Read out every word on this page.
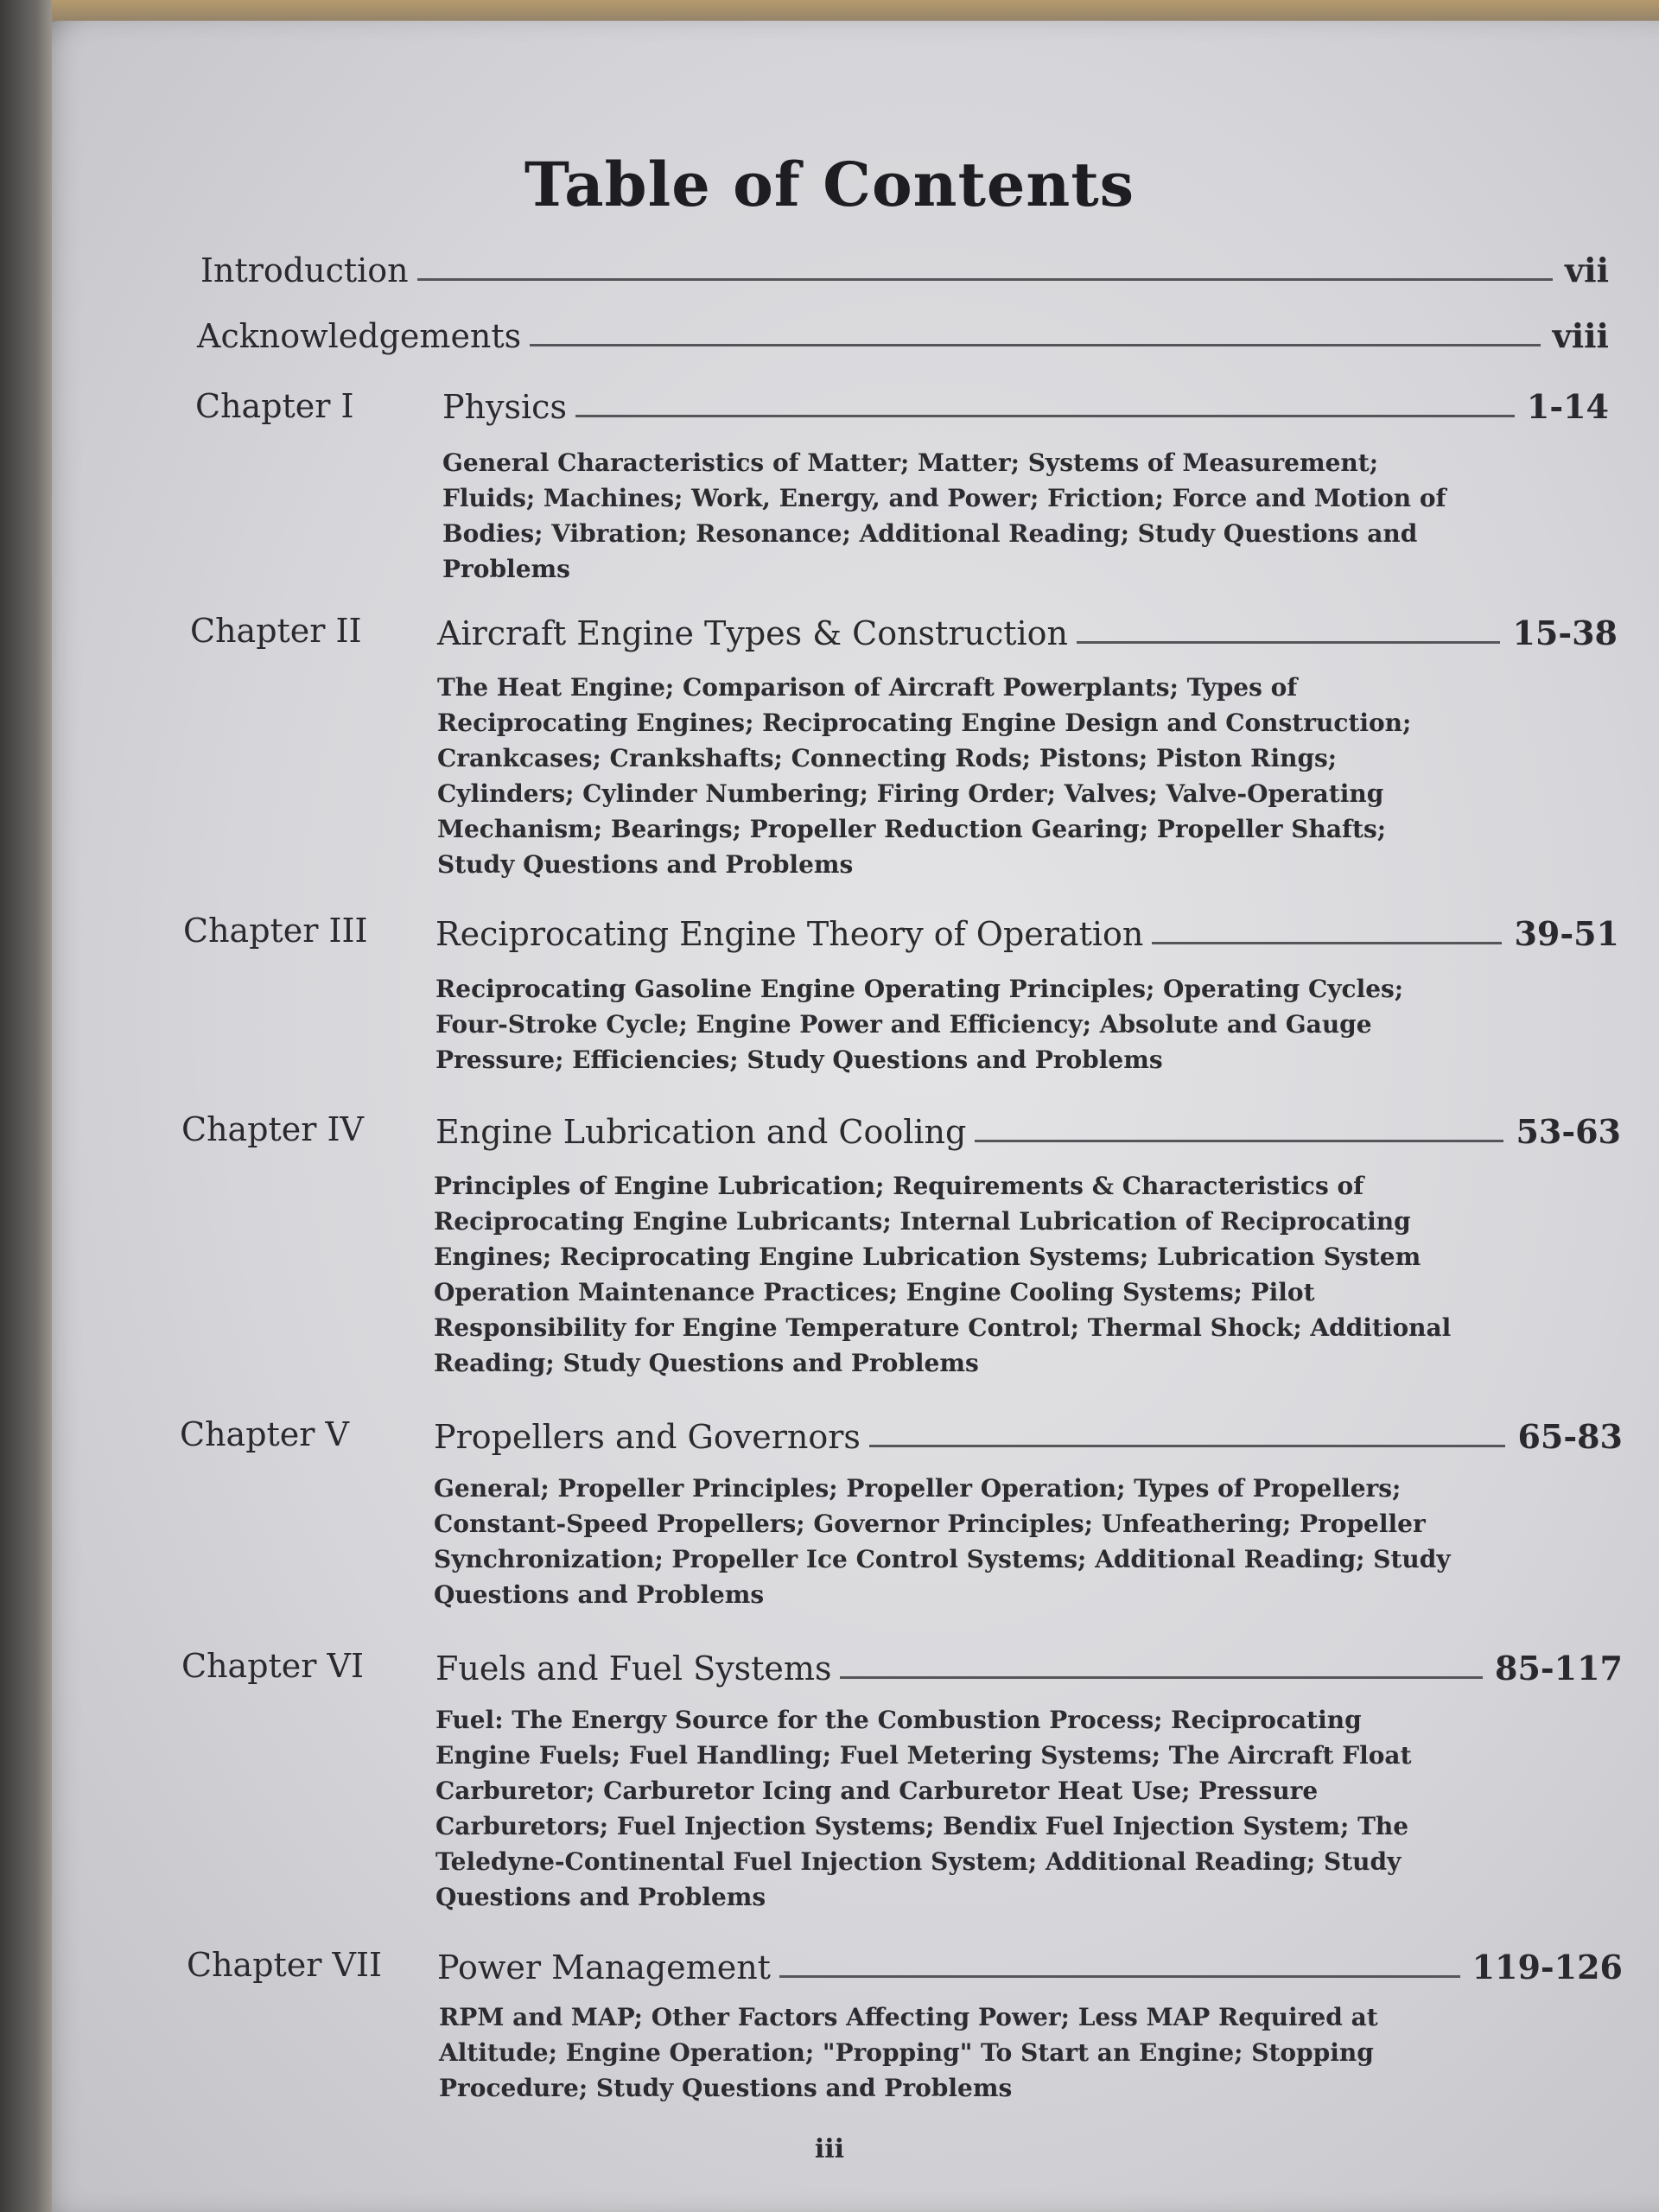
Table of Contents
Introduction	vii
Acknowledgements	viii
Chapter I	Physics	1-14
General Characteristics of Matter; Matter; Systems of Measurement; Fluids; Machines; Work, Energy, and Power; Friction; Force and Motion of Bodies; Vibration; Resonance; Additional Reading; Study Questions and Problems
Chapter II Aircraft Engine Types & Construction	15-38
The Heat Engine; Comparison of Aircraft Powerplants; Types of Reciprocating Engines; Reciprocating Engine Design and Construction; Crankcases; Crankshafts; Connecting Rods; Pistons; Piston Rings; Cylinders; Cylinder Numbering; Firing Order; Valves; Valve-Operating Mechanism; Bearings; Propeller Reduction Gearing; Propeller Shafts; Study Questions and Problems
Chapter III Reciprocating Engine Theory of Operation	39-51
Reciprocating Gasoline Engine Operating Principles; Operating Cycles; Four-Stroke Cycle; Engine Power and Efficiency; Absolute and Gauge Pressure; Efficiencies; Study Questions and Problems
Chapter IV Engine Lubrication and Cooling	53-63
Principles of Engine Lubrication; Requirements & Characteristics of Reciprocating Engine Lubricants; Internal Lubrication of Reciprocating Engines; Reciprocating Engine Lubrication Systems; Lubrication System Operation Maintenance Practices; Engine Cooling Systems; Pilot Responsibility for Engine Temperature Control; Thermal Shock; Additional Reading; Study Questions and Problems
Chapter V	Propellers and Governors	65-83
General; Propeller Principles; Propeller Operation; Types of Propellers; Constant-Speed Propellers; Governor Principles; Unfeathering; Propeller Synchronization; Propeller Ice Control Systems; Additional Reading; Study Questions and Problems
Chapter VI Fuels and Fuel Systems	85-117
Fuel: The Energy Source for the Combustion Process; Reciprocating Engine Fuels; Fuel Handling; Fuel Metering Systems; The Aircraft Float Carburetor; Carburetor Icing and Carburetor Heat Use; Pressure Carburetors; Fuel Injection Systems; Bendix Fuel Injection System; The Teledyne-Continental Fuel Injection System; Additional Reading; Study Questions and Problems
Chapter VII Power Management	119-126
RPM and MAP; Other Factors Affecting Power; Less MAP Required at Altitude; Engine Operation; "Propping" To Start an Engine; Stopping Procedure; Study Questions and Problems
iii
